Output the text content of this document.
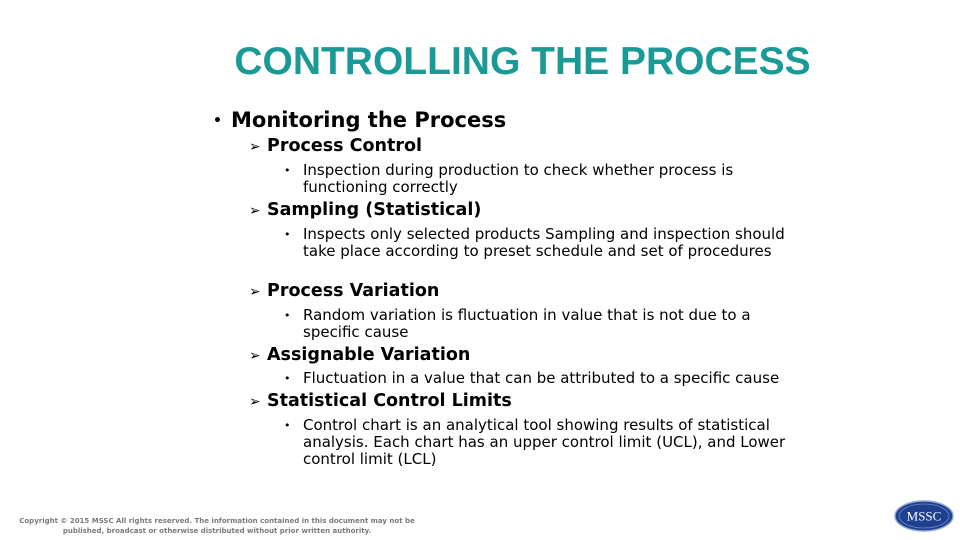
CONTROLLING THE PROCESS
• Monitoring the Process
➢ Process Control
• Inspection during production to check whether process is functioning correctly
➢ Sampling (Statistical)
• Inspects only selected products Sampling and inspection should take place according to preset schedule and set of procedures
➢ Process Variation
• Random variation is fluctuation in value that is not due to a specific cause
➢ Assignable Variation
• Fluctuation in a value that can be attributed to a specific cause
➢ Statistical Control Limits
• Control chart is an analytical tool showing results of statistical analysis. Each chart has an upper control limit (UCL), and Lower control limit (LCL)
Copyright © 2015 MSSC All rights reserved. The information contained in this document may not be published, broadcast or otherwise distributed without prior written authority.
MSSC
